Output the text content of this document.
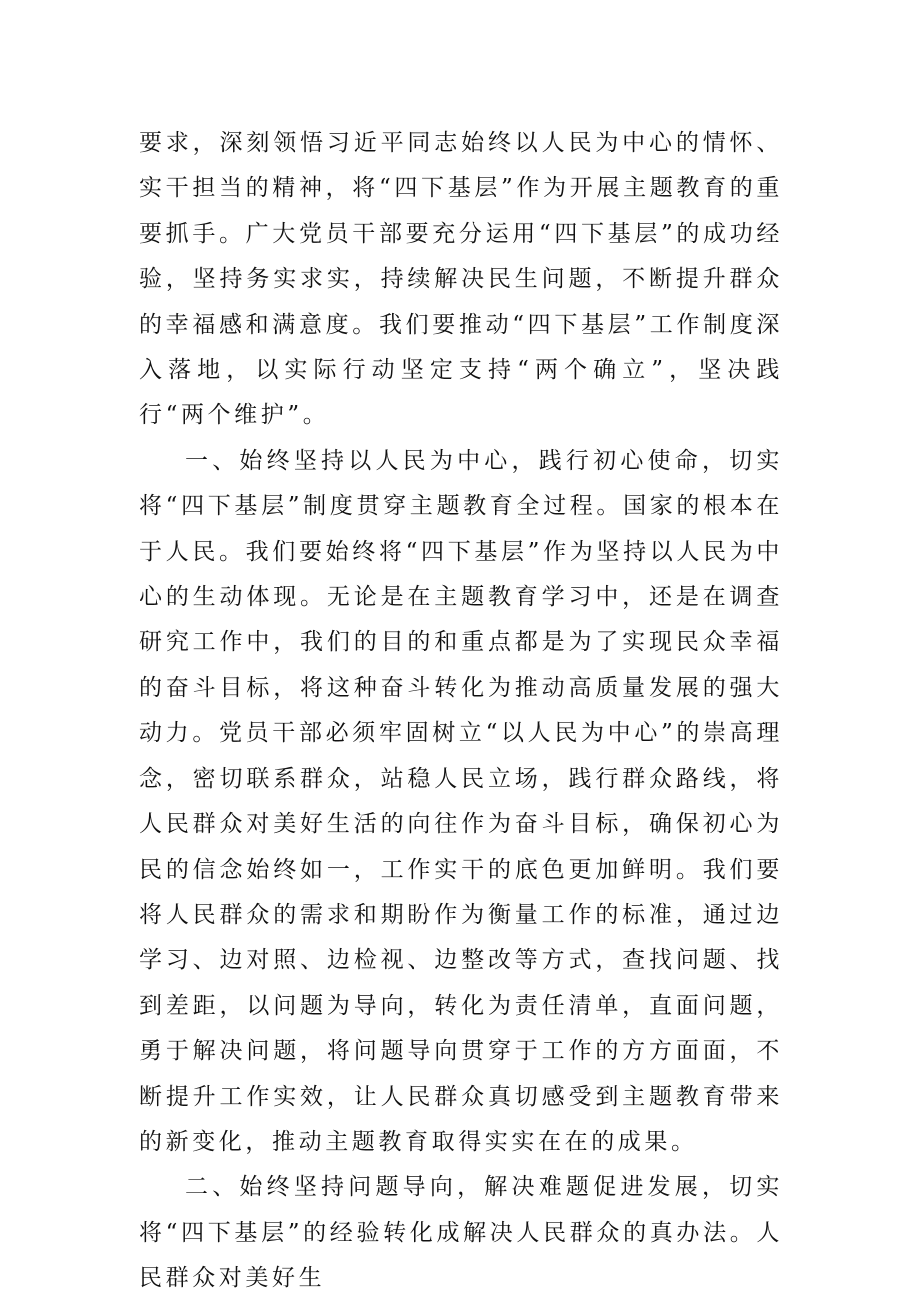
要求，深刻领悟习近平同志始终以人民为中心的情怀、实干担当的精神，将“四下基层”作为开展主题教育的重要抓手。广大党员干部要充分运用“四下基层”的成功经验，坚持务实求实，持续解决民生问题，不断提升群众的幸福感和满意度。我们要推动“四下基层”工作制度深入落地，以实际行动坚定支持“两个确立”，坚决践行“两个维护”。

一、始终坚持以人民为中心，践行初心使命，切实将“四下基层”制度贯穿主题教育全过程。国家的根本在于人民。我们要始终将“四下基层”作为坚持以人民为中心的生动体现。无论是在主题教育学习中，还是在调查研究工作中，我们的目的和重点都是为了实现民众幸福的奋斗目标，将这种奋斗转化为推动高质量发展的强大动力。党员干部必须牢固树立“以人民为中心”的崇高理念，密切联系群众，站稳人民立场，践行群众路线，将人民群众对美好生活的向往作为奋斗目标，确保初心为民的信念始终如一，工作实干的底色更加鲜明。我们要将人民群众的需求和期盼作为衡量工作的标准，通过边学习、边对照、边检视、边整改等方式，查找问题、找到差距，以问题为导向，转化为责任清单，直面问题，勇于解决问题，将问题导向贯穿于工作的方方面面，不断提升工作实效，让人民群众真切感受到主题教育带来的新变化，推动主题教育取得实实在在的成果。

二、始终坚持问题导向，解决难题促进发展，切实将“四下基层”的经验转化成解决人民群众的真办法。人民群众对美好生
